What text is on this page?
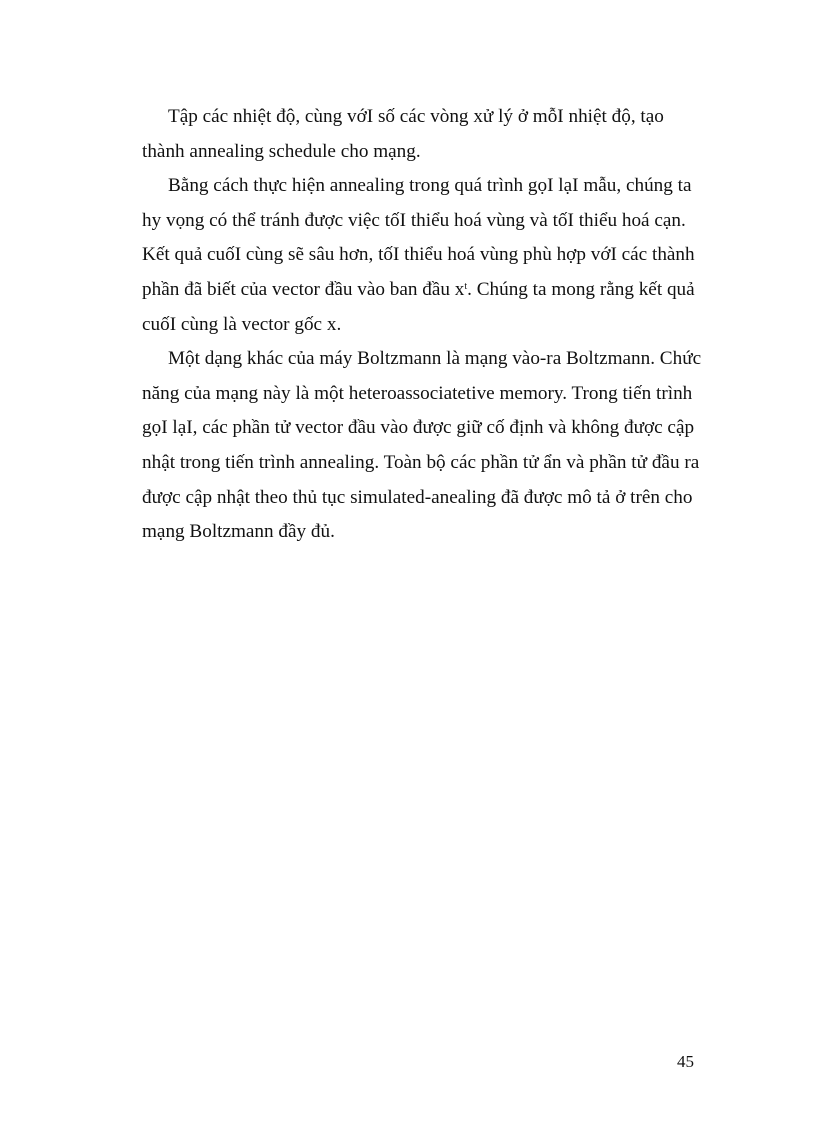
Tập các nhiệt độ, cùng vớI số các vòng xử lý ở mỗI nhiệt độ, tạo
thành annealing schedule cho mạng.
Bằng cách thực hiện annealing trong quá trình gọI lạI mẫu, chúng ta
hy vọng có thể tránh được việc tốI thiểu hoá vùng và tốI thiểu hoá cạn.
Kết quả cuốI cùng sẽ sâu hơn, tốI thiểu hoá vùng phù hợp vớI các thành
phần đã biết của vector đầu vào ban đầu $x^t$. Chúng ta mong rằng kết quả
cuốI cùng là vector gốc x.
Một dạng khác của máy Boltzmann là mạng vào-ra Boltzmann. Chức
năng của mạng này là một heteroassociatetive memory. Trong tiến trình
gọI lạI, các phần tử vector đầu vào được giữ cố định và không được cập
nhật trong tiến trình annealing. Toàn bộ các phần tử ẩn và phần tử đầu ra
được cập nhật theo thủ tục simulated-anealing đã được mô tả ở trên cho
mạng Boltzmann đầy đủ.
45
